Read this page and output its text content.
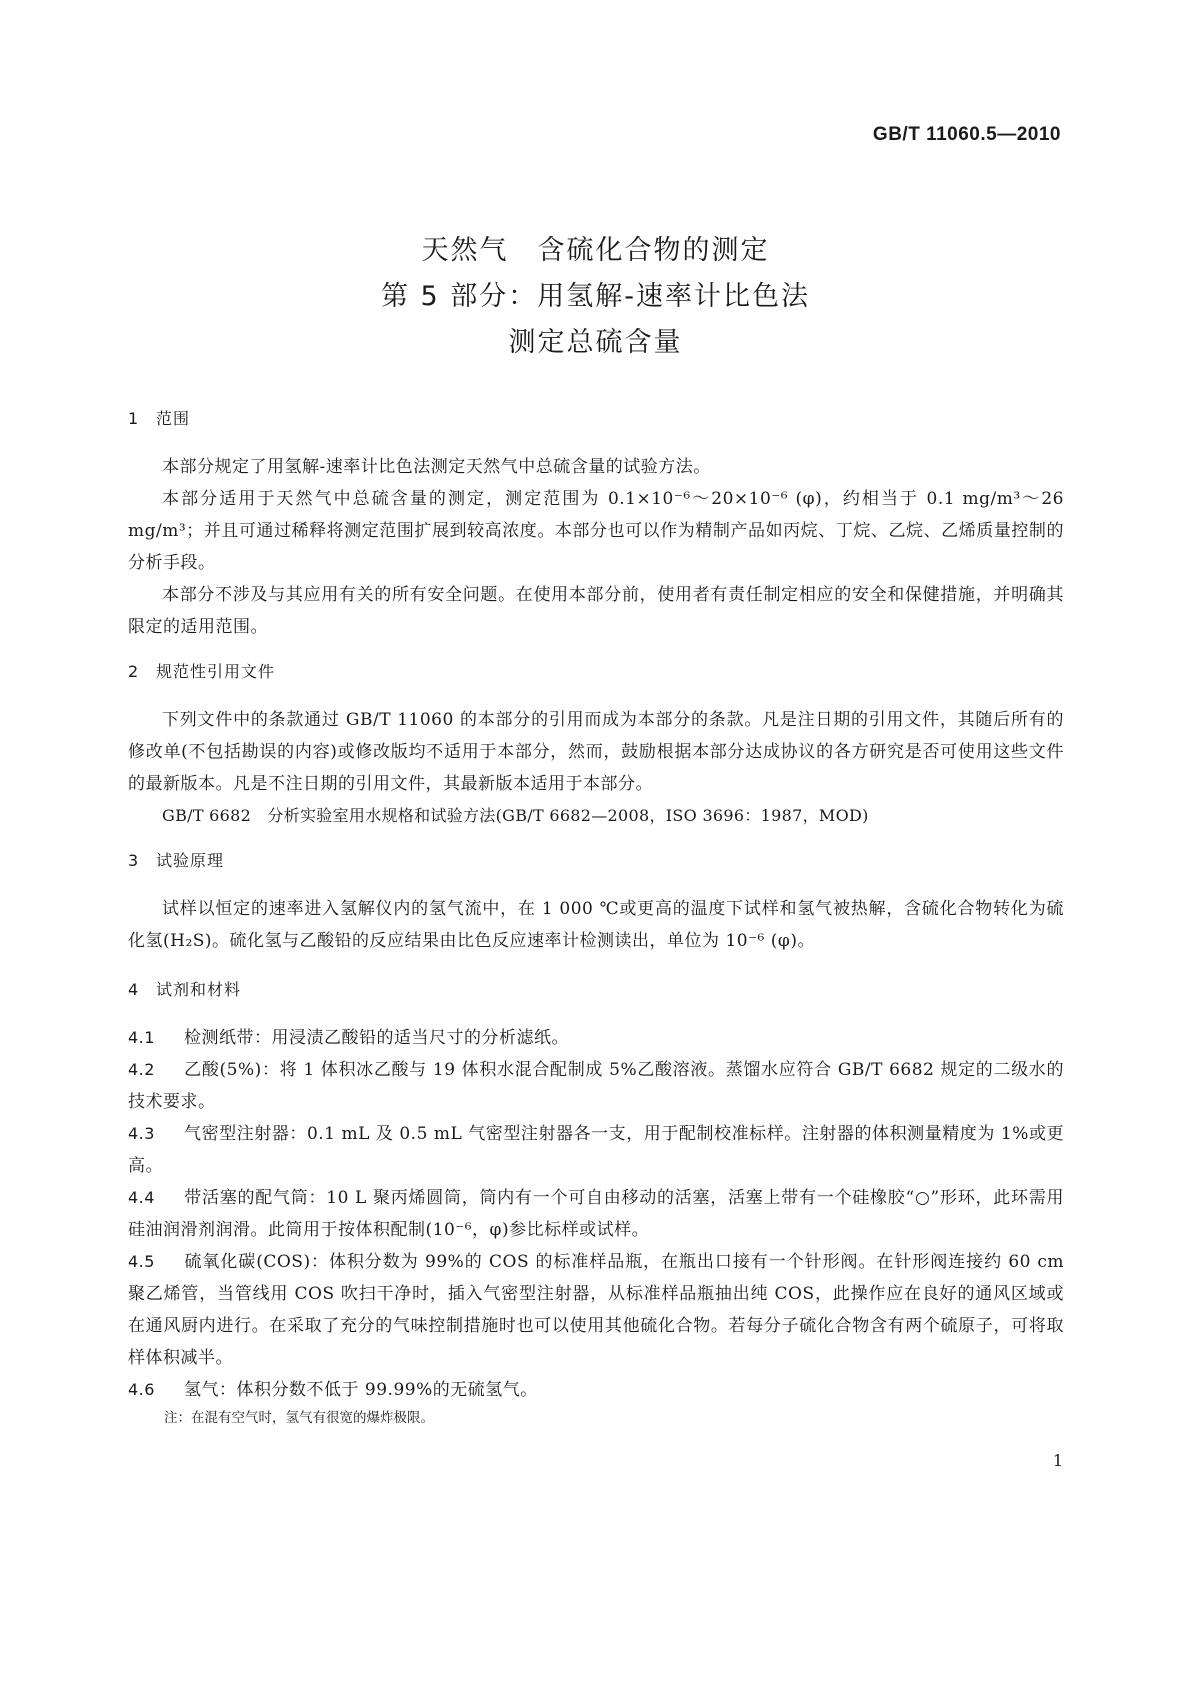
GB/T 11060.5—2010
天然气　含硫化合物的测定
第 5 部分：用氢解-速率计比色法
测定总硫含量
1 范围

本部分规定了用氢解-速率计比色法测定天然气中总硫含量的试验方法。

本部分适用于天然气中总硫含量的测定，测定范围为 0.1×10⁻⁶～20×10⁻⁶ (φ)，约相当于 0.1 mg/m³～26 mg/m³；并且可通过稀释将测定范围扩展到较高浓度。本部分也可以作为精制产品如丙烷、丁烷、乙烷、乙烯质量控制的分析手段。

本部分不涉及与其应用有关的所有安全问题。在使用本部分前，使用者有责任制定相应的安全和保健措施，并明确其限定的适用范围。

2 规范性引用文件

下列文件中的条款通过 GB/T 11060 的本部分的引用而成为本部分的条款。凡是注日期的引用文件，其随后所有的修改单(不包括勘误的内容)或修改版均不适用于本部分，然而，鼓励根据本部分达成协议的各方研究是否可使用这些文件的最新版本。凡是不注日期的引用文件，其最新版本适用于本部分。

GB/T 6682　分析实验室用水规格和试验方法(GB/T 6682—2008，ISO 3696：1987，MOD)

3 试验原理

试样以恒定的速率进入氢解仪内的氢气流中，在 1 000 ℃或更高的温度下试样和氢气被热解，含硫化合物转化为硫化氢(H₂S)。硫化氢与乙酸铅的反应结果由比色反应速率计检测读出，单位为 10⁻⁶ (φ)。

4 试剂和材料

4.1 检测纸带：用浸渍乙酸铅的适当尺寸的分析滤纸。

4.2 乙酸(5%)：将 1 体积冰乙酸与 19 体积水混合配制成 5%乙酸溶液。蒸馏水应符合 GB/T 6682 规定的二级水的技术要求。

4.3 气密型注射器：0.1 mL 及 0.5 mL 气密型注射器各一支，用于配制校准标样。注射器的体积测量精度为 1%或更高。

4.4 带活塞的配气筒：10 L 聚丙烯圆筒，筒内有一个可自由移动的活塞，活塞上带有一个硅橡胶“○”形环，此环需用硅油润滑剂润滑。此筒用于按体积配制(10⁻⁶，φ)参比标样或试样。

4.5 硫氧化碳(COS)：体积分数为 99%的 COS 的标准样品瓶，在瓶出口接有一个针形阀。在针形阀连接约 60 cm 聚乙烯管，当管线用 COS 吹扫干净时，插入气密型注射器，从标准样品瓶抽出纯 COS，此操作应在良好的通风区域或在通风厨内进行。在采取了充分的气味控制措施时也可以使用其他硫化合物。若每分子硫化合物含有两个硫原子，可将取样体积减半。

4.6 氢气：体积分数不低于 99.99%的无硫氢气。

注：在混有空气时，氢气有很宽的爆炸极限。

1
